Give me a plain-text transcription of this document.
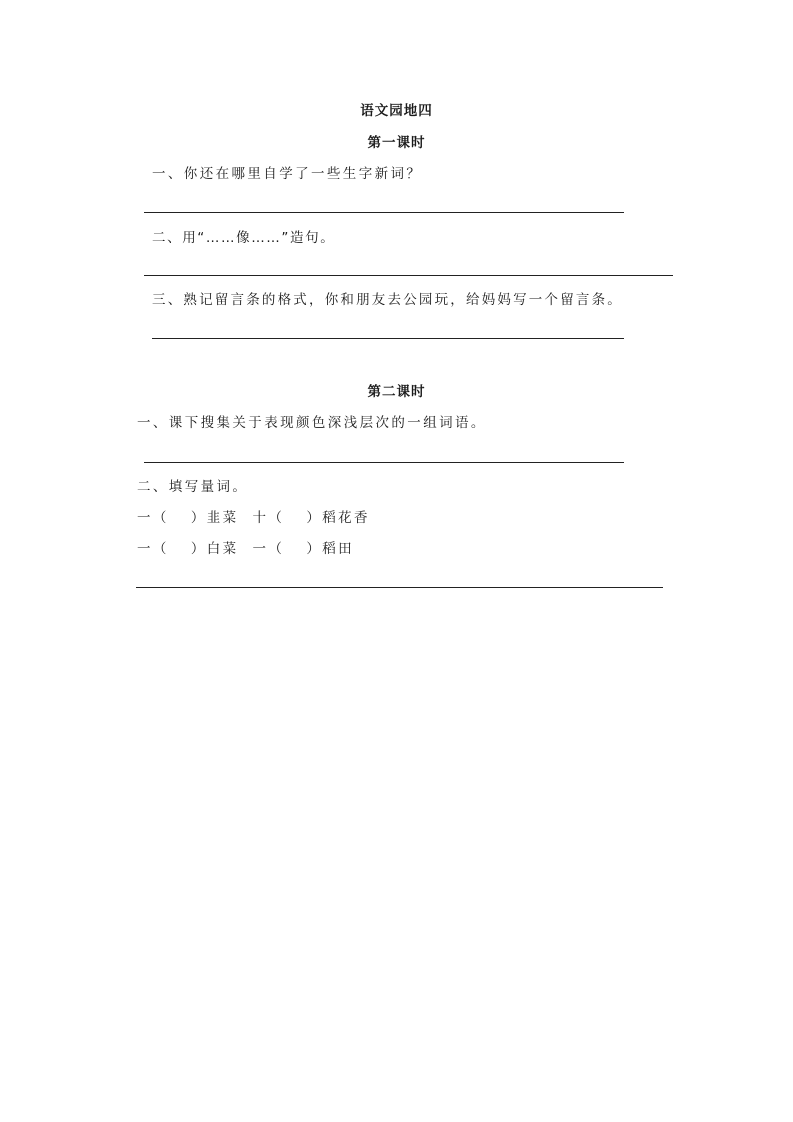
语文园地四
第一课时
一、你还在哪里自学了一些生字新词？
二、用“……像……”造句。
三、熟记留言条的格式，你和朋友去公园玩，给妈妈写一个留言条。
第二课时
一、课下搜集关于表现颜色深浅层次的一组词语。
二、填写量词。
一（ ）韭菜 十（ ）稻花香
一（ ）白菜 一（ ）稻田
